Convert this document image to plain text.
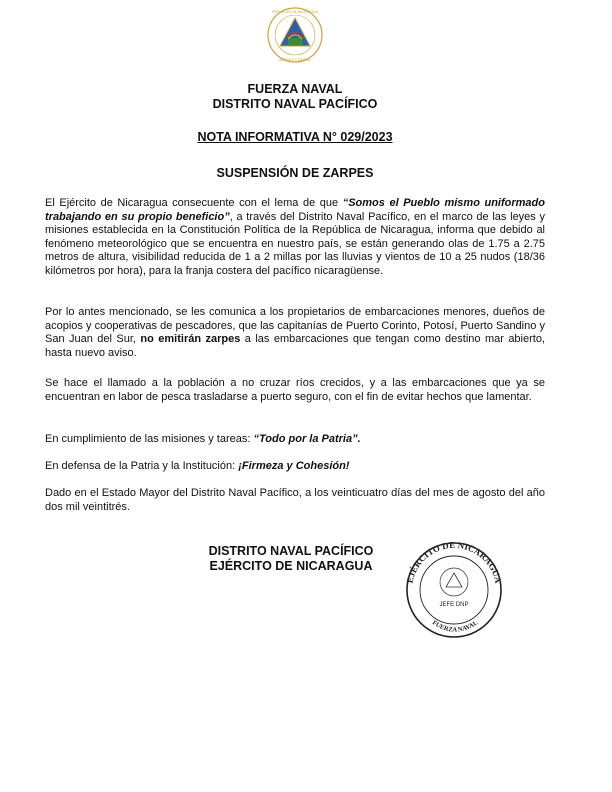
REPÚBLICA DE NICARAGUA
AMÉRICA CENTRAL
FUERZA NAVAL
DISTRITO NAVAL PACÍFICO
NOTA INFORMATIVA N° 029/2023
SUSPENSIÓN DE ZARPES

El Ejército de Nicaragua consecuente con el lema de que “Somos el Pueblo mismo uniformado trabajando en su propio beneficio”, a través del Distrito Naval Pacífico, en el marco de las leyes y misiones establecida en la Constitución Política de la República de Nicaragua, informa que debido al fenómeno meteorológico que se encuentra en nuestro país, se están generando olas de 1.75 a 2.75 metros de altura, visibilidad reducida de 1 a 2 millas por las lluvias y vientos de 10 a 25 nudos (18/36 kilómetros por hora), para la franja costera del pacífico nicaragüense.

Por lo antes mencionado, se les comunica a los propietarios de embarcaciones menores, dueños de acopios y cooperativas de pescadores, que las capitanías de Puerto Corinto, Potosí, Puerto Sandino y San Juan del Sur, no emitirán zarpes a las embarcaciones que tengan como destino mar abierto, hasta nuevo aviso.

Se hace el llamado a la población a no cruzar ríos crecidos, y a las embarcaciones que ya se encuentran en labor de pesca trasladarse a puerto seguro, con el fin de evitar hechos que lamentar.

En cumplimiento de las misiones y tareas: “Todo por la Patria”.

En defensa de la Patria y la Institución: ¡Firmeza y Cohesión!

Dado en el Estado Mayor del Distrito Naval Pacífico, a los veinticuatro días del mes de agosto del año dos mil veintitrés.

DISTRITO NAVAL PACÍFICO
EJÉRCITO DE NICARAGUA
EJÉRCITO DE NICARAGUA
JEFE DNP
FUERZA NAVAL
